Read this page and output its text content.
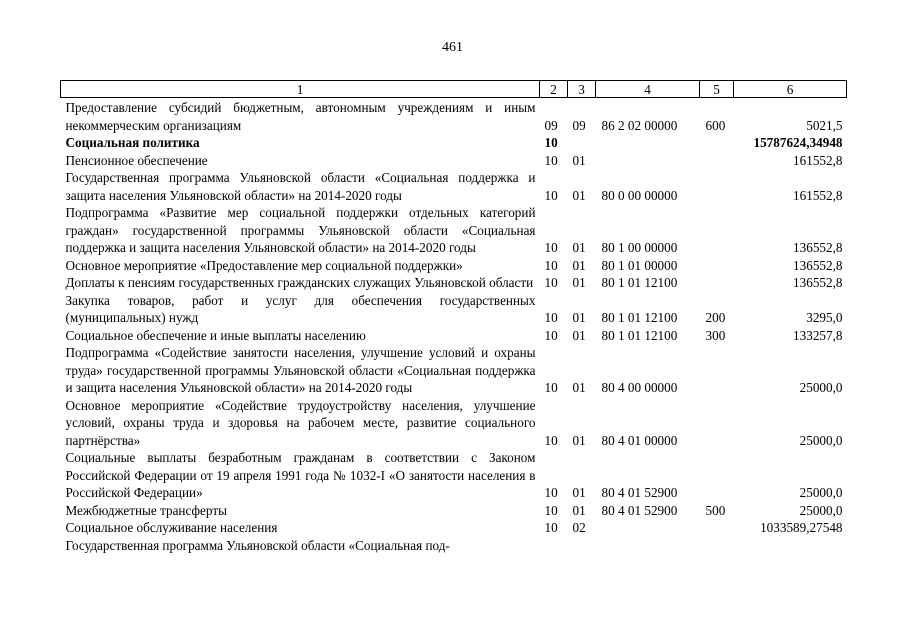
461
1	2	3	4	5	6
Предоставление субсидий бюджетным, автономным учреждениям и иным некоммерческим организациям	09	09	86 2 02 00000	600	5021,5
Социальная политика	10				15787624,34948
Пенсионное обеспечение	10	01			161552,8
Государственная программа Ульяновской области «Социальная поддержка и защита населения Ульяновской области» на 2014-2020 годы	10	01	80 0 00 00000		161552,8
Подпрограмма «Развитие мер социальной поддержки отдельных категорий граждан» государственной программы Ульяновской области «Социальная поддержка и защита населения Ульяновской области» на 2014-2020 годы	10	01	80 1 00 00000		136552,8
Основное мероприятие «Предоставление мер социальной поддержки»	10	01	80 1 01 00000		136552,8
Доплаты к пенсиям государственных гражданских служащих Ульяновской области	10	01	80 1 01 12100		136552,8
Закупка товаров, работ и услуг для обеспечения государственных (муниципальных) нужд	10	01	80 1 01 12100	200	3295,0
Социальное обеспечение и иные выплаты населению	10	01	80 1 01 12100	300	133257,8
Подпрограмма «Содействие занятости населения, улучшение условий и охраны труда» государственной программы Ульяновской области «Социальная поддержка и защита населения Ульяновской области» на 2014-2020 годы	10	01	80 4 00 00000		25000,0
Основное мероприятие «Содействие трудоустройству населения, улучшение условий, охраны труда и здоровья на рабочем месте, развитие социального партнёрства»	10	01	80 4 01 00000		25000,0
Социальные выплаты безработным гражданам в соответствии с Законом Российской Федерации от 19 апреля 1991 года № 1032-I «О занятости населения в Российской Федерации»	10	01	80 4 01 52900		25000,0
Межбюджетные трансферты	10	01	80 4 01 52900	500	25000,0
Социальное обслуживание населения	10	02			1033589,27548
Государственная программа Ульяновской области «Социальная под-					
